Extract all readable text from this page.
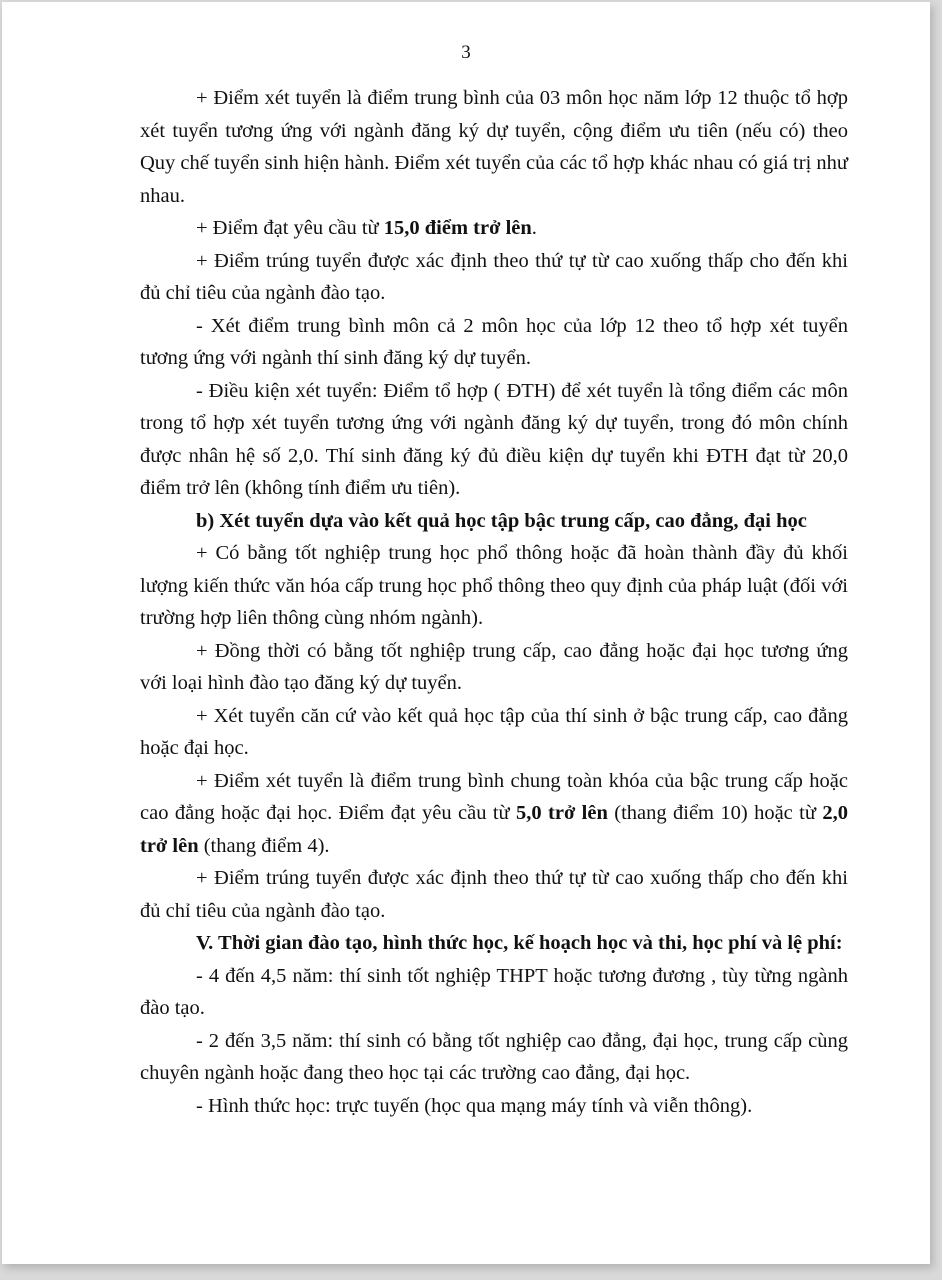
3

+ Điểm xét tuyển là điểm trung bình của 03 môn học năm lớp 12 thuộc tổ hợp xét tuyển tương ứng với ngành đăng ký dự tuyển, cộng điểm ưu tiên (nếu có) theo Quy chế tuyển sinh hiện hành. Điểm xét tuyển của các tổ hợp khác nhau có giá trị như nhau.

+ Điểm đạt yêu cầu từ 15,0 điểm trở lên.

+ Điểm trúng tuyển được xác định theo thứ tự từ cao xuống thấp cho đến khi đủ chỉ tiêu của ngành đào tạo.

- Xét điểm trung bình môn cả 2 môn học của lớp 12 theo tổ hợp xét tuyển tương ứng với ngành thí sinh đăng ký dự tuyển.

- Điều kiện xét tuyển: Điểm tổ hợp ( ĐTH) để xét tuyển là tổng điểm các môn trong tổ hợp xét tuyển tương ứng với ngành đăng ký dự tuyển, trong đó môn chính được nhân hệ số 2,0. Thí sinh đăng ký đủ điều kiện dự tuyển khi ĐTH đạt từ 20,0 điểm trở lên (không tính điểm ưu tiên).

b) Xét tuyển dựa vào kết quả học tập bậc trung cấp, cao đẳng, đại học

+ Có bằng tốt nghiệp trung học phổ thông hoặc đã hoàn thành đầy đủ khối lượng kiến thức văn hóa cấp trung học phổ thông theo quy định của pháp luật (đối với trường hợp liên thông cùng nhóm ngành).

+ Đồng thời có bằng tốt nghiệp trung cấp, cao đẳng hoặc đại học tương ứng với loại hình đào tạo đăng ký dự tuyển.

+ Xét tuyển căn cứ vào kết quả học tập của thí sinh ở bậc trung cấp, cao đẳng hoặc đại học.

+ Điểm xét tuyển là điểm trung bình chung toàn khóa của bậc trung cấp hoặc cao đẳng hoặc đại học. Điểm đạt yêu cầu từ 5,0 trở lên (thang điểm 10) hoặc từ 2,0 trở lên (thang điểm 4).

+ Điểm trúng tuyển được xác định theo thứ tự từ cao xuống thấp cho đến khi đủ chỉ tiêu của ngành đào tạo.

V. Thời gian đào tạo, hình thức học, kế hoạch học và thi, học phí và lệ phí:

- 4 đến 4,5 năm: thí sinh tốt nghiệp THPT hoặc tương đương , tùy từng ngành đào tạo.

- 2 đến 3,5 năm: thí sinh có bằng tốt nghiệp cao đẳng, đại học, trung cấp cùng chuyên ngành hoặc đang theo học tại các trường cao đẳng, đại học.

- Hình thức học: trực tuyến (học qua mạng máy tính và viễn thông).
